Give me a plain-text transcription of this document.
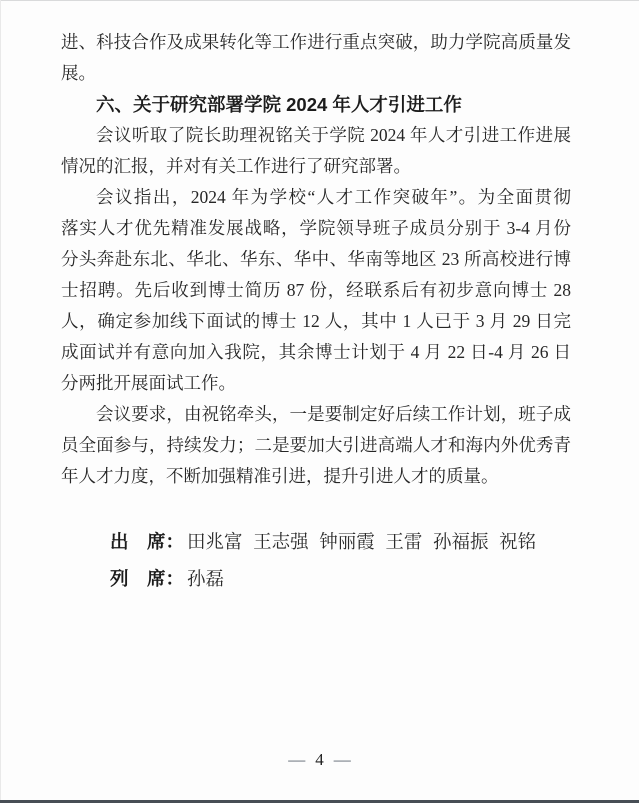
进、科技合作及成果转化等工作进行重点突破，助力学院高质量发
展。
六、关于研究部署学院 2024 年人才引进工作
会议听取了院长助理祝铭关于学院 2024 年人才引进工作进展
情况的汇报，并对有关工作进行了研究部署。
会议指出，2024 年为学校“人才工作突破年”。为全面贯彻
落实人才优先精准发展战略，学院领导班子成员分别于 3-4 月份
分头奔赴东北、华北、华东、华中、华南等地区 23 所高校进行博
士招聘。先后收到博士简历 87 份，经联系后有初步意向博士 28
人，确定参加线下面试的博士 12 人，其中 1 人已于 3 月 29 日完
成面试并有意向加入我院，其余博士计划于 4 月 22 日-4 月 26 日
分两批开展面试工作。
会议要求，由祝铭牵头，一是要制定好后续工作计划，班子成
员全面参与，持续发力；二是要加大引进高端人才和海内外优秀青
年人才力度，不断加强精准引进，提升引进人才的质量。
出　席： 田兆富 王志强 钟丽霞 王雷 孙福振 祝铭
列　席： 孙磊
— 4 —
